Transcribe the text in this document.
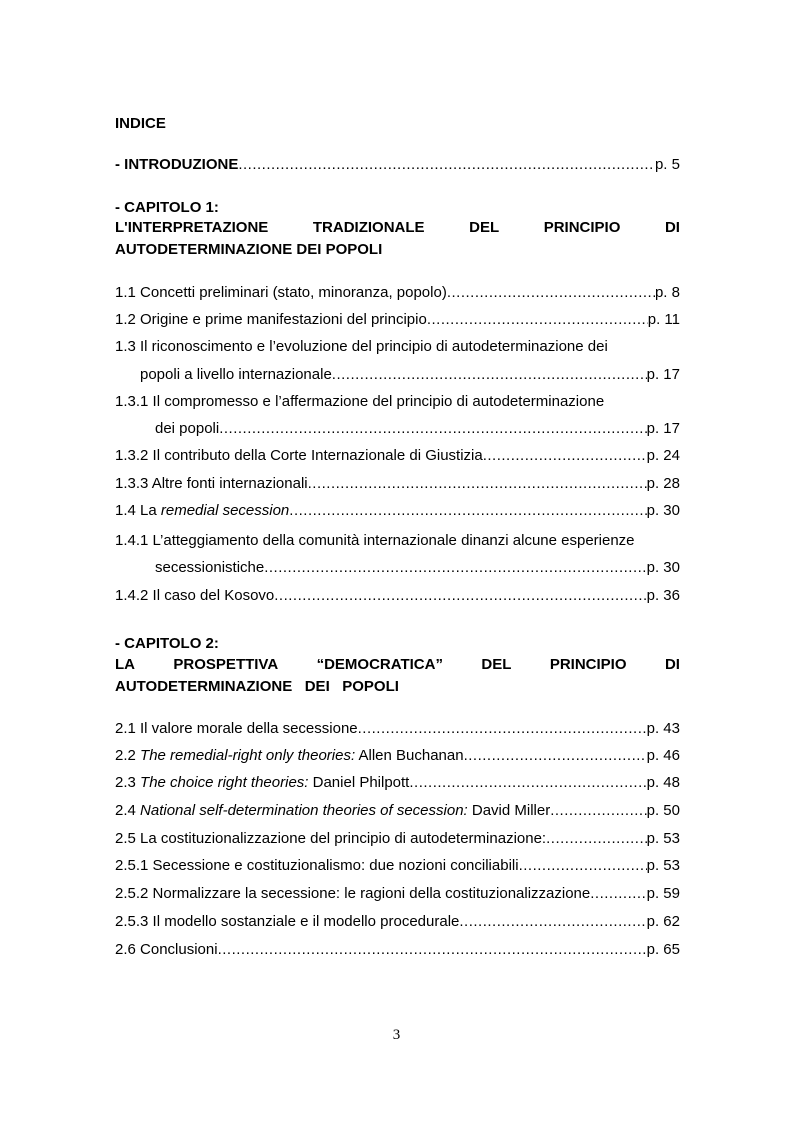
INDICE
- INTRODUZIONE .....	p. 5
- CAPITOLO 1:
L'INTERPRETAZIONE	TRADIZIONALE	DEL	PRINCIPIO	DI
AUTODETERMINAZIONE DEI POPOLI
1.1 Concetti preliminari (stato, minoranza, popolo) .....	p. 8
1.2 Origine e prime manifestazioni del principio .....	p. 11
1.3 Il riconoscimento e l’evoluzione del principio di autodeterminazione dei
popoli a livello internazionale .....	p. 17
1.3.1 Il compromesso e l’affermazione del principio di autodeterminazione
dei popoli .....	p. 17
1.3.2 Il contributo della Corte Internazionale di Giustizia .....	p. 24
1.3.3 Altre fonti internazionali .....	p. 28
1.4 La remedial secession .....	p. 30
1.4.1 L’atteggiamento della comunità internazionale dinanzi alcune esperienze
secessionistiche .....	p. 30
1.4.2 Il caso del Kosovo .....	p. 36
- CAPITOLO 2:
LA	PROSPETTIVA	“DEMOCRATICA”	DEL	PRINCIPIO	DI
AUTODETERMINAZIONE   DEI   POPOLI
2.1 Il valore morale della secessione .....	p. 43
2.2 The remedial-right only theories: Allen Buchanan .....	p. 46
2.3 The choice right theories: Daniel Philpott .....	p. 48
2.4 National self-determination theories of secession: David Miller .....	p. 50
2.5 La costituzionalizzazione del principio di autodeterminazione: .....	p. 53
2.5.1 Secessione e costituzionalismo: due nozioni conciliabili .....	p. 53
2.5.2 Normalizzare la secessione: le ragioni della costituzionalizzazione .....	p. 59
2.5.3 Il modello sostanziale e il modello procedurale .....	p. 62
2.6 Conclusioni .....	p. 65
3
